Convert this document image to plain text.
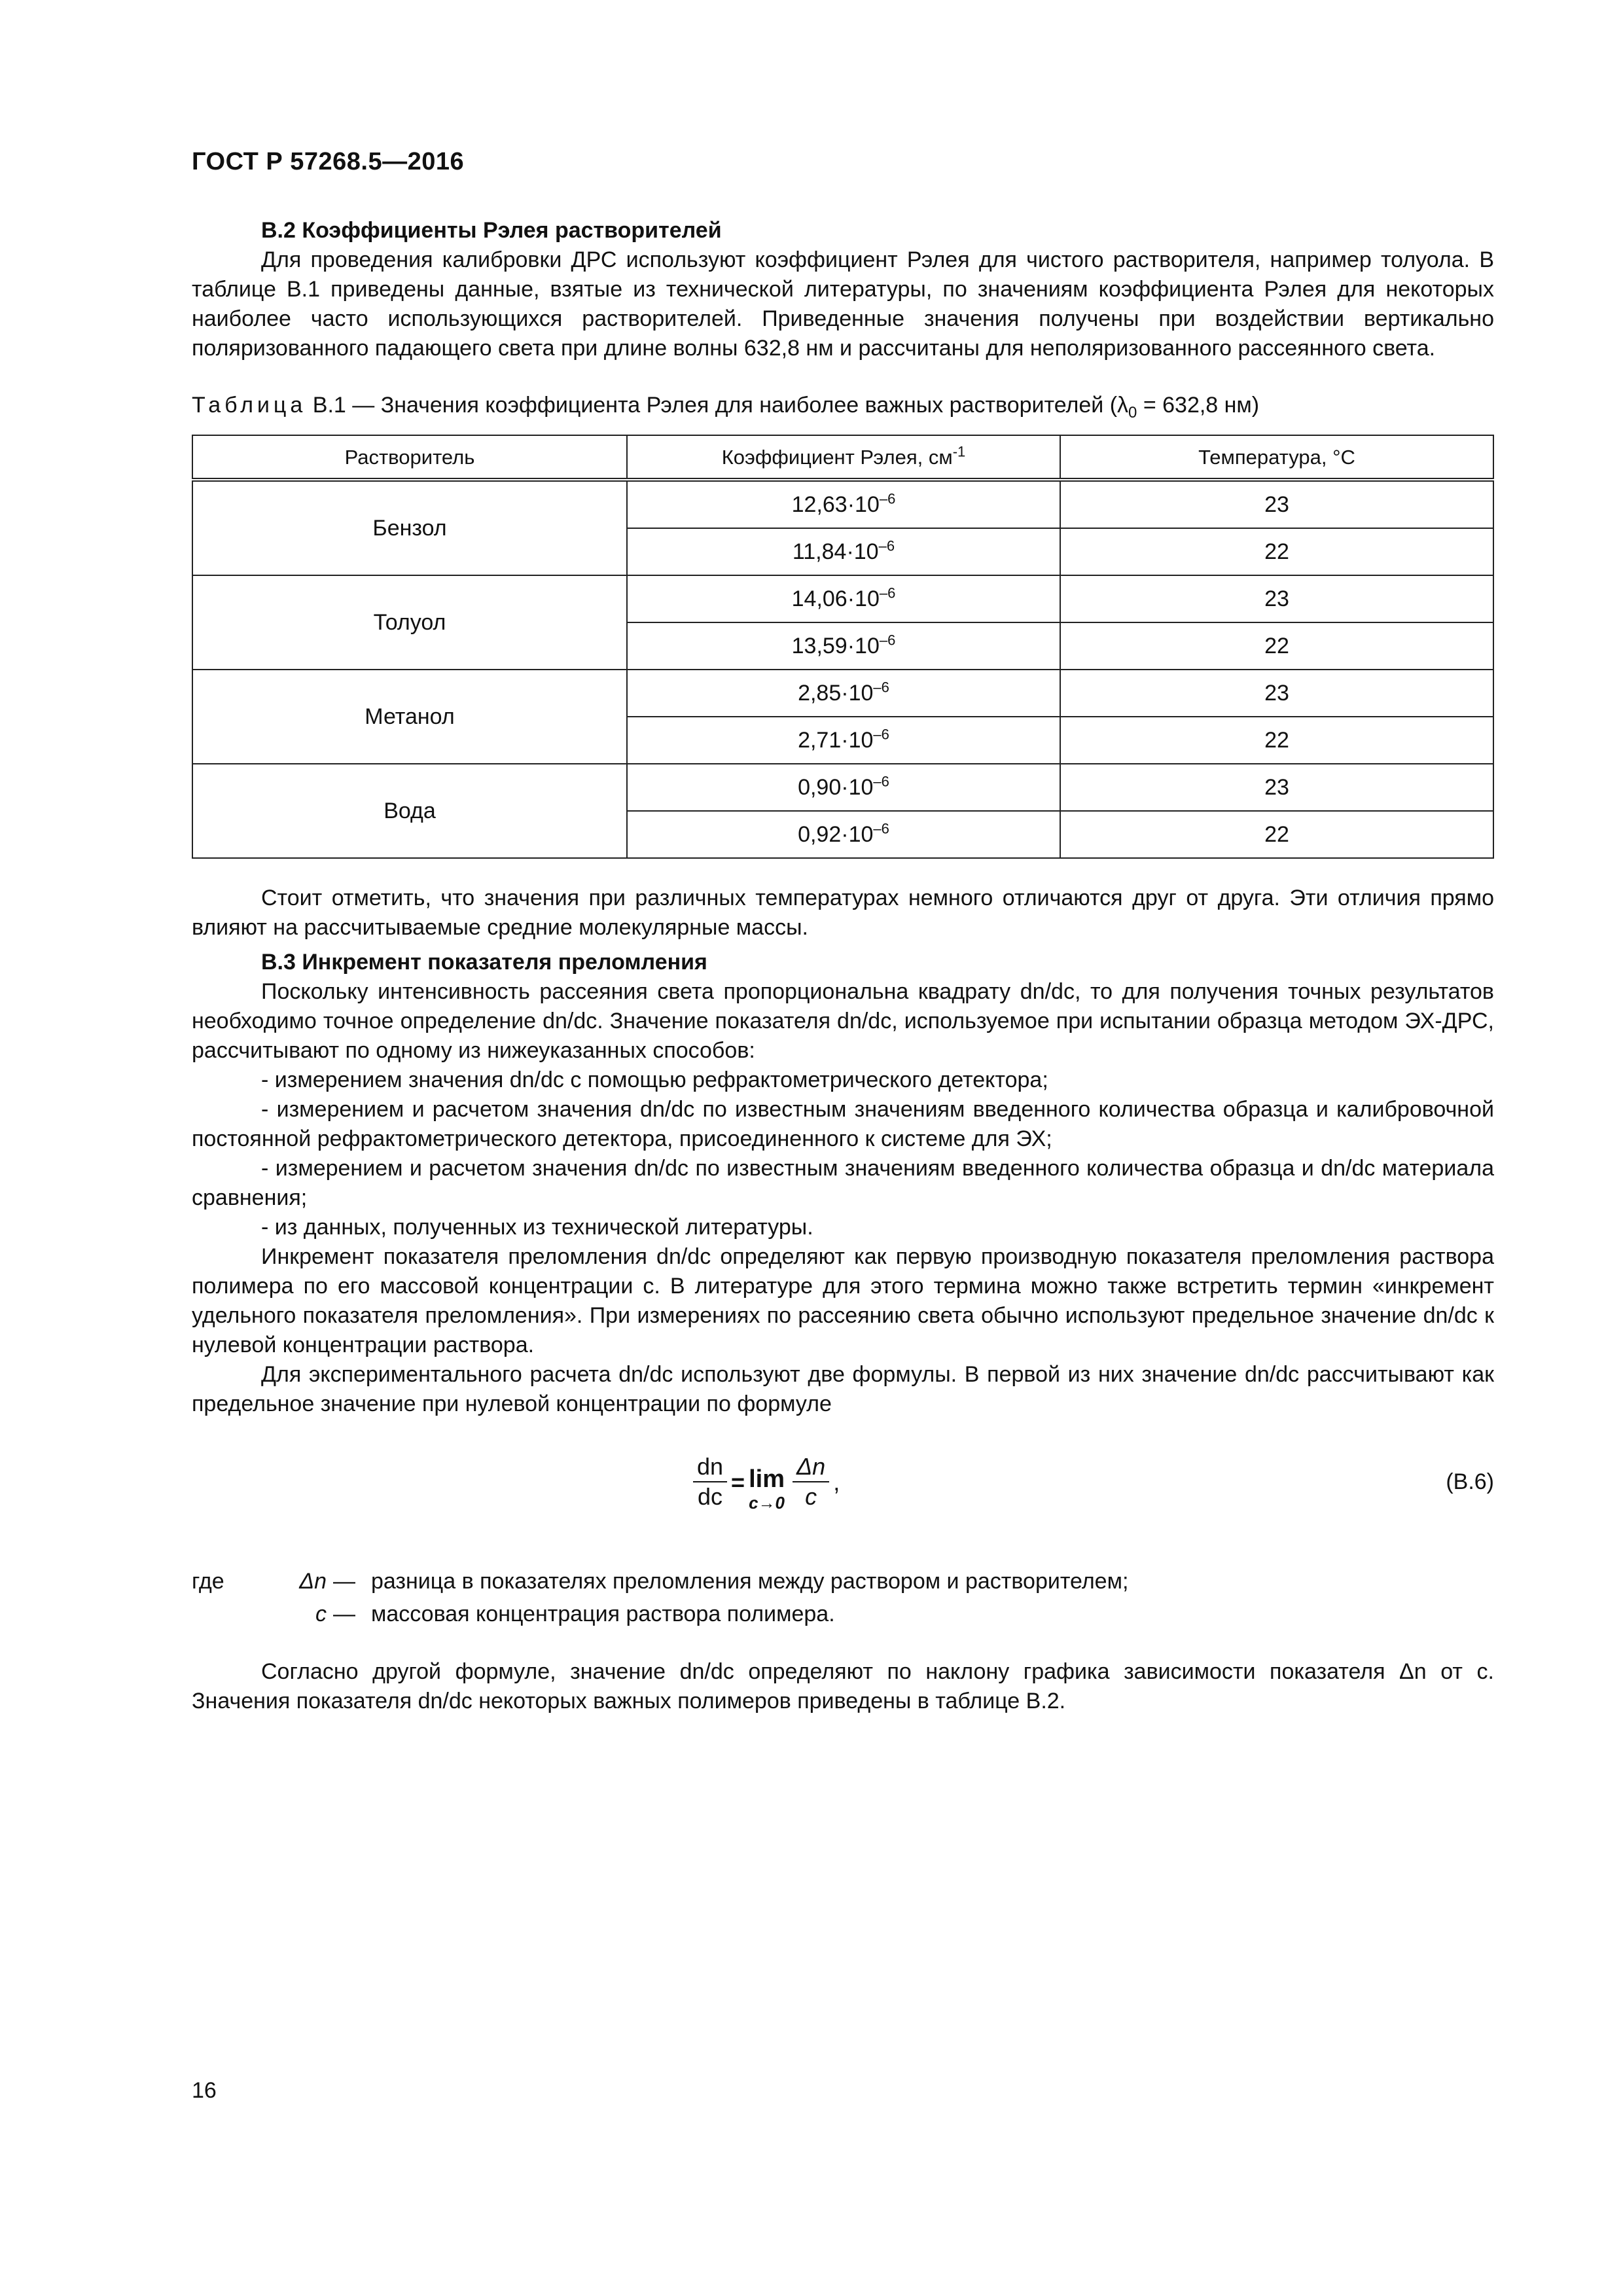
ГОСТ Р 57268.5—2016

В.2 Коэффициенты Рэлея растворителей

Для проведения калибровки ДРС используют коэффициент Рэлея для чистого растворителя, например толуола. В таблице В.1 приведены данные, взятые из технической литературы, по значениям коэффициента Рэлея для некоторых наиболее часто использующихся растворителей. Приведенные значения получены при воздействии вертикально поляризованного падающего света при длине волны 632,8 нм и рассчитаны для неполяризованного рассеянного света.

Таблица В.1 — Значения коэффициента Рэлея для наиболее важных растворителей ($\lambda_0 = 632,8$ нм)
Растворитель	Коэффициент Рэлея, $см^{-1}$	Температура, °С
Бензол	$12,63\cdot 10^{-6}$	23
	$11,84\cdot 10^{-6}$	22
Толуол	$14,06\cdot 10^{-6}$	23
	$13,59\cdot 10^{-6}$	22
Метанол	$2,85\cdot 10^{-6}$	23
	$2,71\cdot 10^{-6}$	22
Вода	$0,90\cdot 10^{-6}$	23
	$0,92\cdot 10^{-6}$	22

Стоит отметить, что значения при различных температурах немного отличаются друг от друга. Эти отличия прямо влияют на рассчитываемые средние молекулярные массы.

В.3 Инкремент показателя преломления

Поскольку интенсивность рассеяния света пропорциональна квадрату dn/dc, то для получения точных результатов необходимо точное определение dn/dc. Значение показателя dn/dc, используемое при испытании образца методом ЭХ-ДРС, рассчитывают по одному из нижеуказанных способов:

- измерением значения dn/dc с помощью рефрактометрического детектора;

- измерением и расчетом значения dn/dc по известным значениям введенного количества образца и калибровочной постоянной рефрактометрического детектора, присоединенного к системе для ЭХ;

- измерением и расчетом значения dn/dc по известным значениям введенного количества образца и dn/dc материала сравнения;

- из данных, полученных из технической литературы.

Инкремент показателя преломления dn/dc определяют как первую производную показателя преломления раствора полимера по его массовой концентрации c. В литературе для этого термина можно также встретить термин «инкремент удельного показателя преломления». При измерениях по рассеянию света обычно используют предельное значение dn/dc к нулевой концентрации раствора.

Для экспериментального расчета dn/dc используют две формулы. В первой из них значение dn/dc рассчитывают как предельное значение при нулевой концентрации по формуле

$\frac{dn}{dc} = \lim$
$c\to 0 \frac{\Delta n}{c}$ ,	(В.6)
где	Δn — разница в показателях преломления между раствором и растворителем;
c — массовая концентрация раствора полимера.

Согласно другой формуле, значение dn/dc определяют по наклону графика зависимости показателя Δn от c. Значения показателя dn/dc некоторых важных полимеров приведены в таблице В.2.

16
